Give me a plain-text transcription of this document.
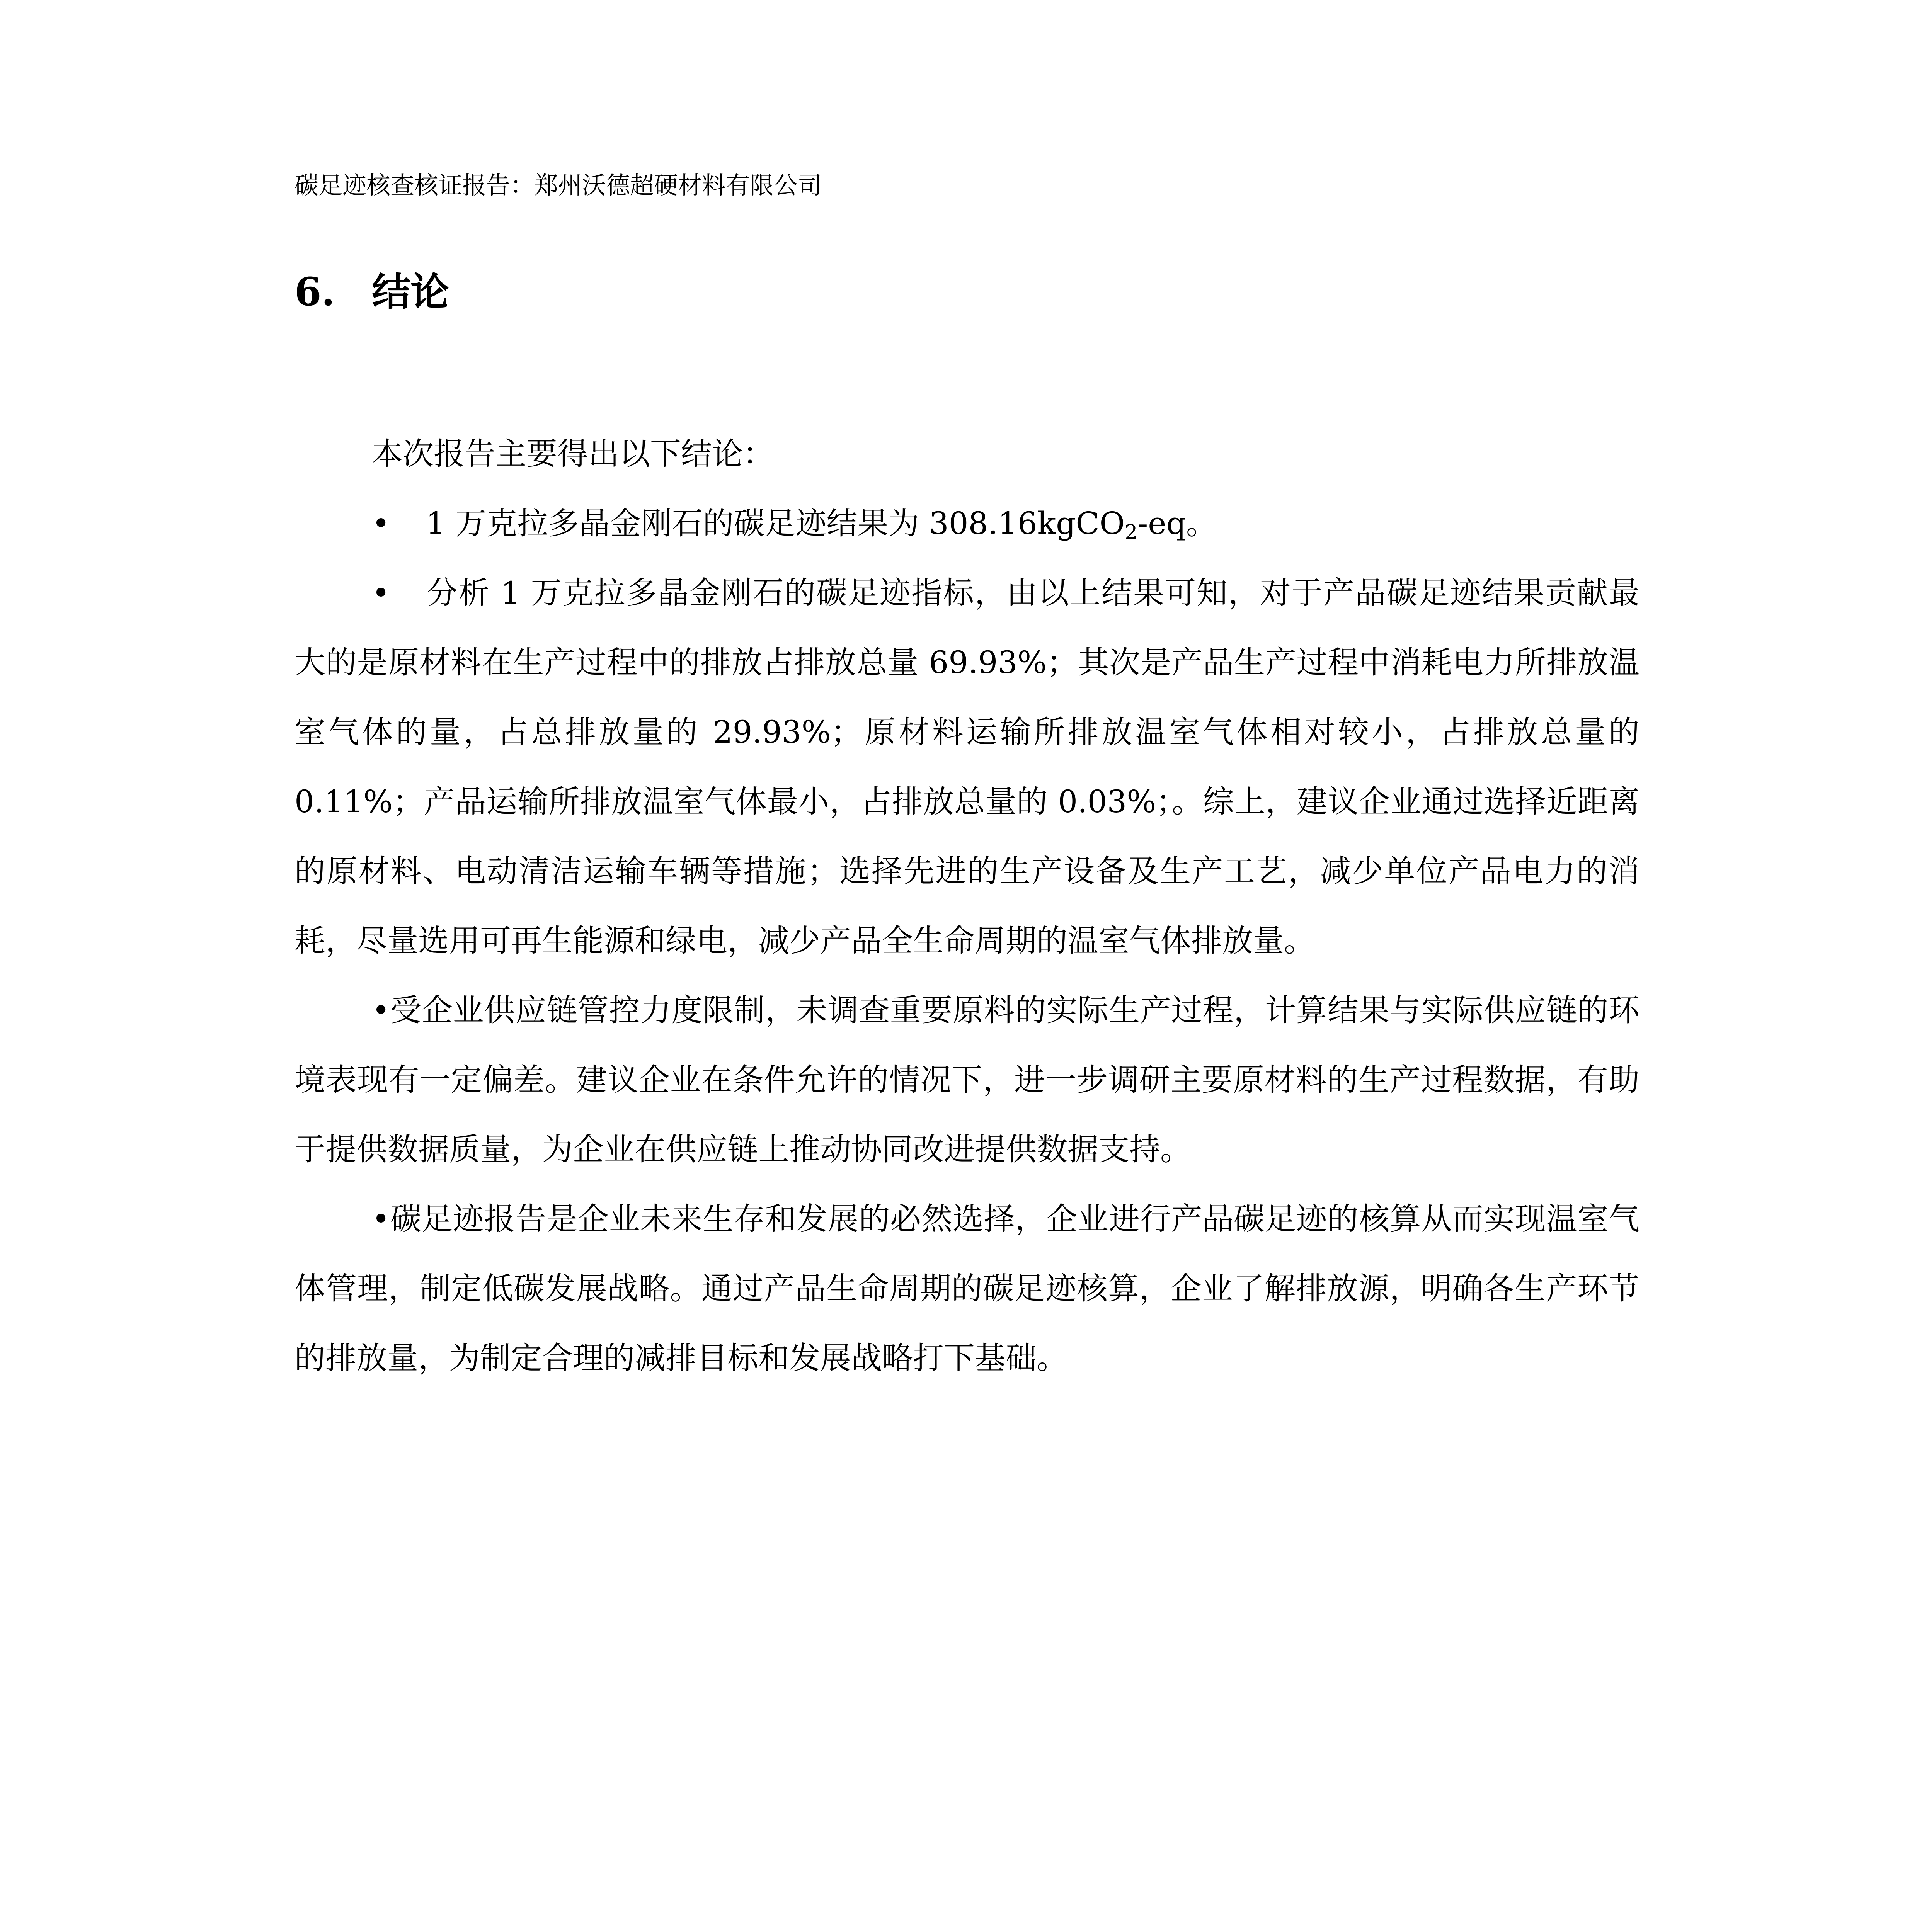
碳足迹核查核证报告：郑州沃德超硬材料有限公司
6. 结论

本次报告主要得出以下结论：

• 1 万克拉多晶金刚石的碳足迹结果为 308.16kgCO$_2$-eq。

• 分析 1 万克拉多晶金刚石的碳足迹指标，由以上结果可知，对于产品碳足迹结果贡献最大的是原材料在生产过程中的排放占排放总量 69.93%；其次是产品生产过程中消耗电力所排放温室气体的量，占总排放量的 29.93%；原材料运输所排放温室气体相对较小，占排放总量的 0.11%；产品运输所排放温室气体最小，占排放总量的 0.03%；。综上，建议企业通过选择近距离的原材料、电动清洁运输车辆等措施；选择先进的生产设备及生产工艺，减少单位产品电力的消耗，尽量选用可再生能源和绿电，减少产品全生命周期的温室气体排放量。

•受企业供应链管控力度限制，未调查重要原料的实际生产过程，计算结果与实际供应链的环境表现有一定偏差。建议企业在条件允许的情况下，进一步调研主要原材料的生产过程数据，有助于提供数据质量，为企业在供应链上推动协同改进提供数据支持。

•碳足迹报告是企业未来生存和发展的必然选择，企业进行产品碳足迹的核算从而实现温室气体管理，制定低碳发展战略。通过产品生命周期的碳足迹核算，企业了解排放源，明确各生产环节的排放量，为制定合理的减排目标和发展战略打下基础。
